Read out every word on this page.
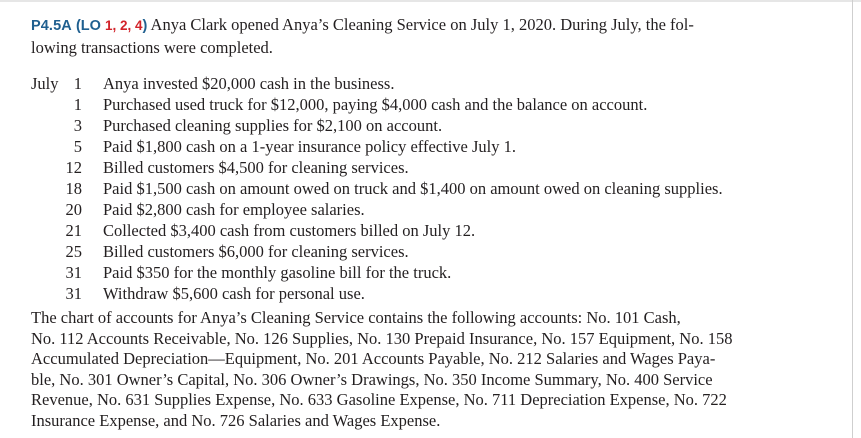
P4.5A (LO 1, 2, 4) Anya Clark opened Anya’s Cleaning Service on July 1, 2020. During July, the fol-
lowing transactions were completed.
July 1 Anya invested $20,000 cash in the business.
1 Purchased used truck for $12,000, paying $4,000 cash and the balance on account.
3 Purchased cleaning supplies for $2,100 on account.
5 Paid $1,800 cash on a 1-year insurance policy effective July 1.
12 Billed customers $4,500 for cleaning services.
18 Paid $1,500 cash on amount owed on truck and $1,400 on amount owed on cleaning supplies.
20 Paid $2,800 cash for employee salaries.
21 Collected $3,400 cash from customers billed on July 12.
25 Billed customers $6,000 for cleaning services.
31 Paid $350 for the monthly gasoline bill for the truck.
31 Withdraw $5,600 cash for personal use.
The chart of accounts for Anya’s Cleaning Service contains the following accounts: No. 101 Cash,
No. 112 Accounts Receivable, No. 126 Supplies, No. 130 Prepaid Insurance, No. 157 Equipment, No. 158
Accumulated Depreciation—Equipment, No. 201 Accounts Payable, No. 212 Salaries and Wages Paya-
ble, No. 301 Owner’s Capital, No. 306 Owner’s Drawings, No. 350 Income Summary, No. 400 Service
Revenue, No. 631 Supplies Expense, No. 633 Gasoline Expense, No. 711 Depreciation Expense, No. 722
Insurance Expense, and No. 726 Salaries and Wages Expense.
